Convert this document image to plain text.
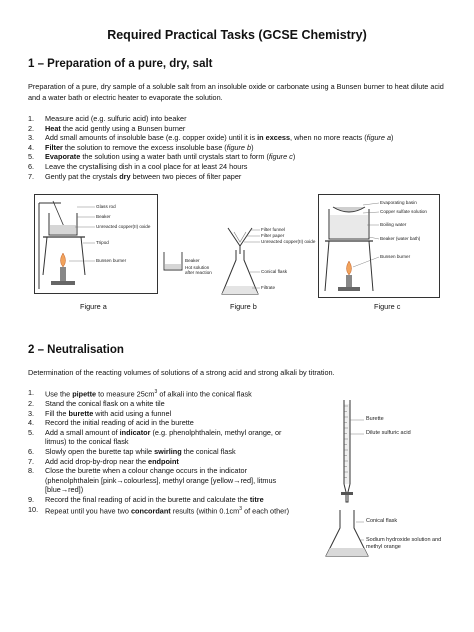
Required Practical Tasks (GCSE Chemistry)
1 – Preparation of a pure, dry, salt

Preparation of a pure, dry sample of a soluble salt from an insoluble oxide or carbonate using a Bunsen burner to heat dilute acid and a water bath or electric heater to evaporate the solution.

1. Measure acid (e.g. sulfuric acid) into beaker
2. Heat the acid gently using a Bunsen burner
3. Add small amounts of insoluble base (e.g. copper oxide) until it is in excess, when no more reacts (figure a)
4. Filter the solution to remove the excess insoluble base (figure b)
5. Evaporate the solution using a water bath until crystals start to form (figure c)
6. Leave the crystallising dish in a cool place for at least 24 hours
7. Gently pat the crystals dry between two pieces of filter paper
Glass rod
Beaker
Unreacted copper(II) oxide
Tripod
Bunsen burner
Figure a
Filter funnel
Filter paper
Unreacted copper(II) oxide
Beaker
Hot solution after reaction	Conical flask
Filtrate
Figure b
Evaporating basin
Copper sulfate solution
Boiling water
Beaker (water bath)
Bunsen burner
Figure c
2 – Neutralisation

Determination of the reacting volumes of solutions of a strong acid and strong alkali by titration.

1. Use the pipette to measure $25cm^3$ of alkali into the conical flask
2. Stand the conical flask on a white tile
3. Fill the burette with acid using a funnel
4. Record the initial reading of acid in the burette
5. Add a small amount of indicator (e.g. phenolphthalein, methyl orange, or
litmus) to the conical flask
6. Slowly open the burette tap while swirling the conical flask
7. Add acid drop-by-drop near the endpoint
8. Close the burette when a colour change occurs in the indicator
(phenolphthalein [pink→colourless], methyl orange [yellow→red], litmus
[blue→red])
9. Record the final reading of acid in the burette and calculate the titre
10. Repeat until you have two concordant results (within $0.1cm^3$ of each other)
Burette
Dilute sulfuric acid
Conical flask
Sodium hydroxide solution and methyl orange
